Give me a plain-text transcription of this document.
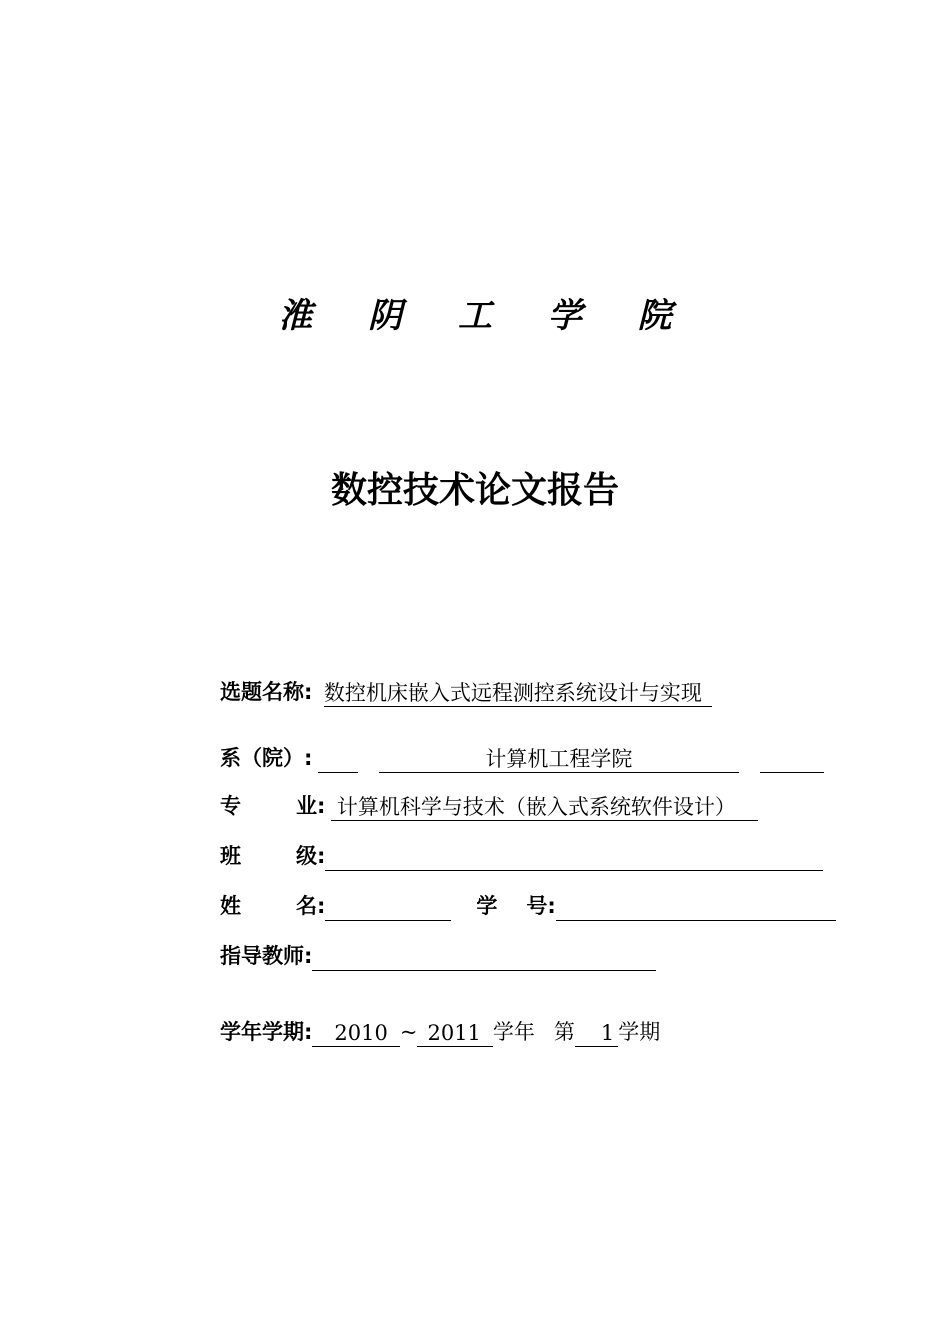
淮 阴 工 学 院
数控技术论文报告
选题名称: 数控机床嵌入式远程测控系统设计与实现
系（院）:	计算机工程学院
专	业: 计算机科学与技术（嵌入式系统软件设计）
班	级:
姓	名:	学 号:
指导教师:
学年学期: 2010 ~ 2011 学年 第 1 学期
